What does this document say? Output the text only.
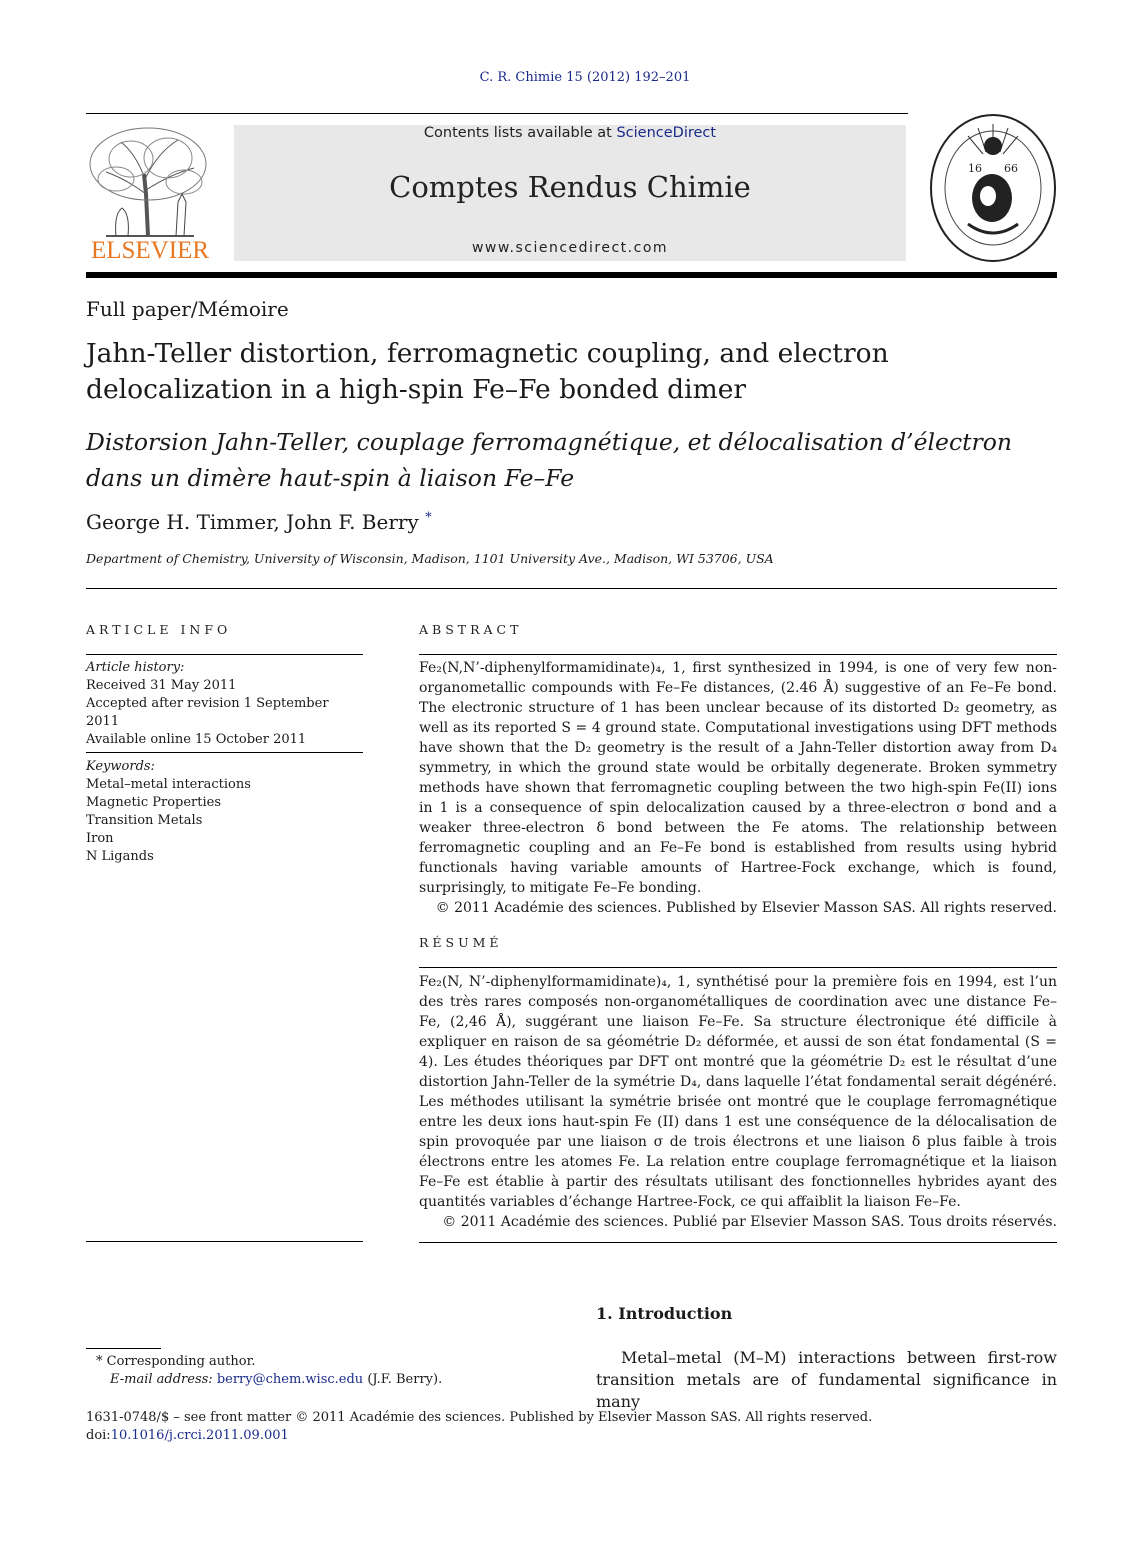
C. R. Chimie 15 (2012) 192–201
ELSEVIER
Contents lists available at ScienceDirect
Comptes Rendus Chimie
www.sciencedirect.com
16 66
Full paper/Mémoire
Jahn-Teller distortion, ferromagnetic coupling, and electron
delocalization in a high-spin Fe–Fe bonded dimer
Distorsion Jahn-Teller, couplage ferromagnétique, et délocalisation d’électron
dans un dimère haut-spin à liaison Fe–Fe
George H. Timmer, John F. Berry *
Department of Chemistry, University of Wisconsin, Madison, 1101 University Ave., Madison, WI 53706, USA
ARTICLE INFO
Article history:
Received 31 May 2011
Accepted after revision 1 September 2011
Available online 15 October 2011
Keywords:
Metal–metal interactions
Magnetic Properties
Transition Metals
Iron
N Ligands
ABSTRACT

Fe₂(N,N’-diphenylformamidinate)₄, 1, first synthesized in 1994, is one of very few non-organometallic compounds with Fe–Fe distances, (2.46 Å) suggestive of an Fe–Fe bond. The electronic structure of 1 has been unclear because of its distorted D₂ geometry, as well as its reported S = 4 ground state. Computational investigations using DFT methods have shown that the D₂ geometry is the result of a Jahn-Teller distortion away from D₄ symmetry, in which the ground state would be orbitally degenerate. Broken symmetry methods have shown that ferromagnetic coupling between the two high-spin Fe(II) ions in 1 is a consequence of spin delocalization caused by a three-electron σ bond and a weaker three-electron δ bond between the Fe atoms. The relationship between ferromagnetic coupling and an Fe–Fe bond is established from results using hybrid functionals having variable amounts of Hartree-Fock exchange, which is found, surprisingly, to mitigate Fe–Fe bonding.

© 2011 Académie des sciences. Published by Elsevier Masson SAS. All rights reserved.

RÉSUMÉ

Fe₂(N, N’-diphenylformamidinate)₄, 1, synthétisé pour la première fois en 1994, est l’un des très rares composés non-organométalliques de coordination avec une distance Fe–Fe, (2,46 Å), suggérant une liaison Fe–Fe. Sa structure électronique été difficile à expliquer en raison de sa géométrie D₂ déformée, et aussi de son état fondamental (S = 4). Les études théoriques par DFT ont montré que la géométrie D₂ est le résultat d’une distortion Jahn-Teller de la symétrie D₄, dans laquelle l’état fondamental serait dégénéré. Les méthodes utilisant la symétrie brisée ont montré que le couplage ferromagnétique entre les deux ions haut-spin Fe (II) dans 1 est une conséquence de la délocalisation de spin provoquée par une liaison σ de trois électrons et une liaison δ plus faible à trois électrons entre les atomes Fe. La relation entre couplage ferromagnétique et la liaison Fe–Fe est établie à partir des résultats utilisant des fonctionnelles hybrides ayant des quantités variables d’échange Hartree-Fock, ce qui affaiblit la liaison Fe–Fe.

© 2011 Académie des sciences. Publié par Elsevier Masson SAS. Tous droits réservés.

1. Introduction
Metal–metal (M–M) interactions between first-row transition metals are of fundamental significance in many
* Corresponding author.
E-mail address: berry@chem.wisc.edu (J.F. Berry).
1631-0748/$ – see front matter © 2011 Académie des sciences. Published by Elsevier Masson SAS. All rights reserved.
doi:10.1016/j.crci.2011.09.001
